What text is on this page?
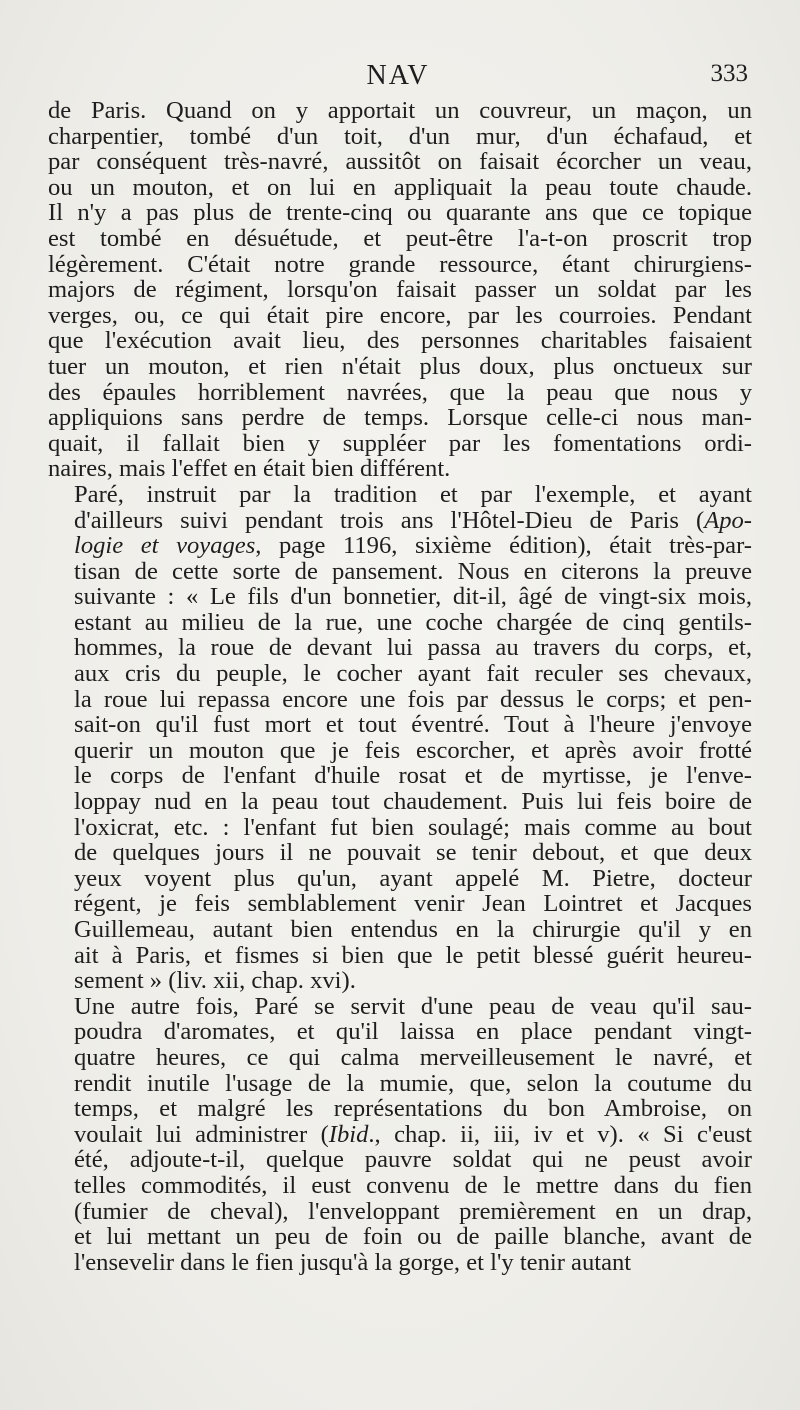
NAV	333

de Paris. Quand on y apportait un couvreur, un maçon, un
charpentier, tombé d'un toit, d'un mur, d'un échafaud, et
par conséquent très-navré, aussitôt on faisait écorcher un veau,
ou un mouton, et on lui en appliquait la peau toute chaude.
Il n'y a pas plus de trente-cinq ou quarante ans que ce topique
est tombé en désuétude, et peut-être l'a-t-on proscrit trop
légèrement. C'était notre grande ressource, étant chirurgiens-
majors de régiment, lorsqu'on faisait passer un soldat par les
verges, ou, ce qui était pire encore, par les courroies. Pendant
que l'exécution avait lieu, des personnes charitables faisaient
tuer un mouton, et rien n'était plus doux, plus onctueux sur
des épaules horriblement navrées, que la peau que nous y
appliquions sans perdre de temps. Lorsque celle-ci nous man-
quait, il fallait bien y suppléer par les fomentations ordi-
naires, mais l'effet en était bien différent.

Paré, instruit par la tradition et par l'exemple, et ayant
d'ailleurs suivi pendant trois ans l'Hôtel-Dieu de Paris (Apo-
logie et voyages, page 1196, sixième édition), était très-par-
tisan de cette sorte de pansement. Nous en citerons la preuve
suivante : « Le fils d'un bonnetier, dit-il, âgé de vingt-six mois,
estant au milieu de la rue, une coche chargée de cinq gentils-
hommes, la roue de devant lui passa au travers du corps, et,
aux cris du peuple, le cocher ayant fait reculer ses chevaux,
la roue lui repassa encore une fois par dessus le corps; et pen-
sait-on qu'il fust mort et tout éventré. Tout à l'heure j'envoye
querir un mouton que je feis escorcher, et après avoir frotté
le corps de l'enfant d'huile rosat et de myrtisse, je l'enve-
loppay nud en la peau tout chaudement. Puis lui feis boire de
l'oxicrat, etc. : l'enfant fut bien soulagé; mais comme au bout
de quelques jours il ne pouvait se tenir debout, et que deux
yeux voyent plus qu'un, ayant appelé M. Pietre, docteur
régent, je feis semblablement venir Jean Lointret et Jacques
Guillemeau, autant bien entendus en la chirurgie qu'il y en
ait à Paris, et fismes si bien que le petit blessé guérit heureu-
sement » (liv. xii, chap. xvi).

Une autre fois, Paré se servit d'une peau de veau qu'il sau-
poudra d'aromates, et qu'il laissa en place pendant vingt-
quatre heures, ce qui calma merveilleusement le navré, et
rendit inutile l'usage de la mumie, que, selon la coutume du
temps, et malgré les représentations du bon Ambroise, on
voulait lui administrer (Ibid., chap. ii, iii, iv et v). « Si c'eust
été, adjoute-t-il, quelque pauvre soldat qui ne peust avoir
telles commodités, il eust convenu de le mettre dans du fien
(fumier de cheval), l'enveloppant premièrement en un drap,
et lui mettant un peu de foin ou de paille blanche, avant de
l'ensevelir dans le fien jusqu'à la gorge, et l'y tenir autant
